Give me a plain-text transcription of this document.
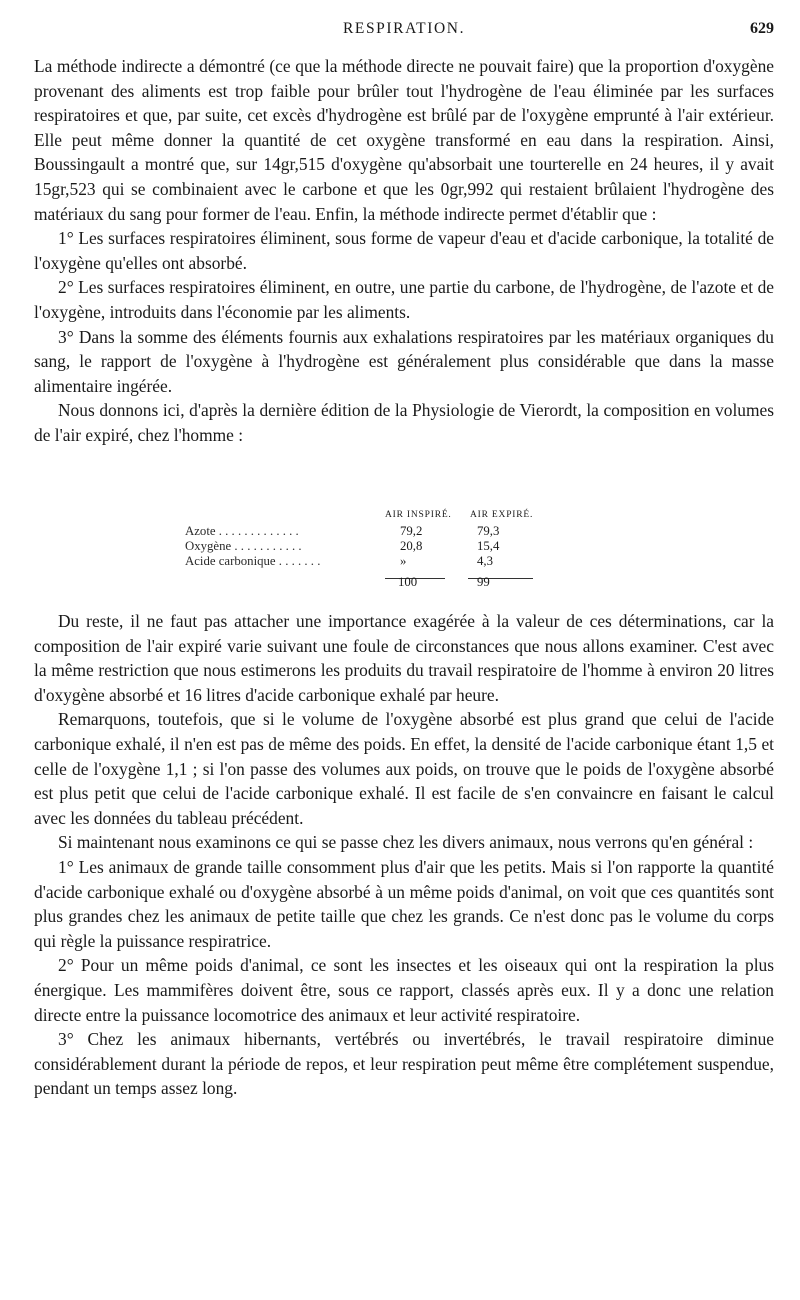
RESPIRATION.	629

La méthode indirecte a démontré (ce que la méthode directe ne pouvait faire) que la proportion d'oxygène provenant des aliments est trop faible pour brûler tout l'hydrogène de l'eau éliminée par les surfaces respiratoires et que, par suite, cet excès d'hydrogène est brûlé par de l'oxygène emprunté à l'air extérieur. Elle peut même donner la quantité de cet oxygène transformé en eau dans la respiration. Ainsi, Boussingault a montré que, sur 14gr,515 d'oxygène qu'absorbait une tourterelle en 24 heures, il y avait 15gr,523 qui se combinaient avec le carbone et que les 0gr,992 qui restaient brûlaient l'hydrogène des matériaux du sang pour former de l'eau. Enfin, la méthode indirecte permet d'établir que :

1° Les surfaces respiratoires éliminent, sous forme de vapeur d'eau et d'acide carbonique, la totalité de l'oxygène qu'elles ont absorbé.

2° Les surfaces respiratoires éliminent, en outre, une partie du carbone, de l'hydrogène, de l'azote et de l'oxygène, introduits dans l'économie par les aliments.

3° Dans la somme des éléments fournis aux exhalations respiratoires par les matériaux organiques du sang, le rapport de l'oxygène à l'hydrogène est généralement plus considérable que dans la masse alimentaire ingérée.

Nous donnons ici, d'après la dernière édition de la Physiologie de Vierordt, la composition en volumes de l'air expiré, chez l'homme :

AIR INSPIRÉ. AIR EXPIRÉ.
Azote . . . . . . . . . . . . .	79,2	79,3
Oxygène . . . . . . . . . . .	20,8	15,4
Acide carbonique . . . . . . .	»	4,3
100	99

Du reste, il ne faut pas attacher une importance exagérée à la valeur de ces déterminations, car la composition de l'air expiré varie suivant une foule de circonstances que nous allons examiner. C'est avec la même restriction que nous estimerons les produits du travail respiratoire de l'homme à environ 20 litres d'oxygène absorbé et 16 litres d'acide carbonique exhalé par heure.

Remarquons, toutefois, que si le volume de l'oxygène absorbé est plus grand que celui de l'acide carbonique exhalé, il n'en est pas de même des poids. En effet, la densité de l'acide carbonique étant 1,5 et celle de l'oxygène 1,1 ; si l'on passe des volumes aux poids, on trouve que le poids de l'oxygène absorbé est plus petit que celui de l'acide carbonique exhalé. Il est facile de s'en convaincre en faisant le calcul avec les données du tableau précédent.

Si maintenant nous examinons ce qui se passe chez les divers animaux, nous verrons qu'en général :

1° Les animaux de grande taille consomment plus d'air que les petits. Mais si l'on rapporte la quantité d'acide carbonique exhalé ou d'oxygène absorbé à un même poids d'animal, on voit que ces quantités sont plus grandes chez les animaux de petite taille que chez les grands. Ce n'est donc pas le volume du corps qui règle la puissance respiratrice.

2° Pour un même poids d'animal, ce sont les insectes et les oiseaux qui ont la respiration la plus énergique. Les mammifères doivent être, sous ce rapport, classés après eux. Il y a donc une relation directe entre la puissance locomotrice des animaux et leur activité respiratoire.

3° Chez les animaux hibernants, vertébrés ou invertébrés, le travail respiratoire diminue considérablement durant la période de repos, et leur respiration peut même être complétement suspendue, pendant un temps assez long.
